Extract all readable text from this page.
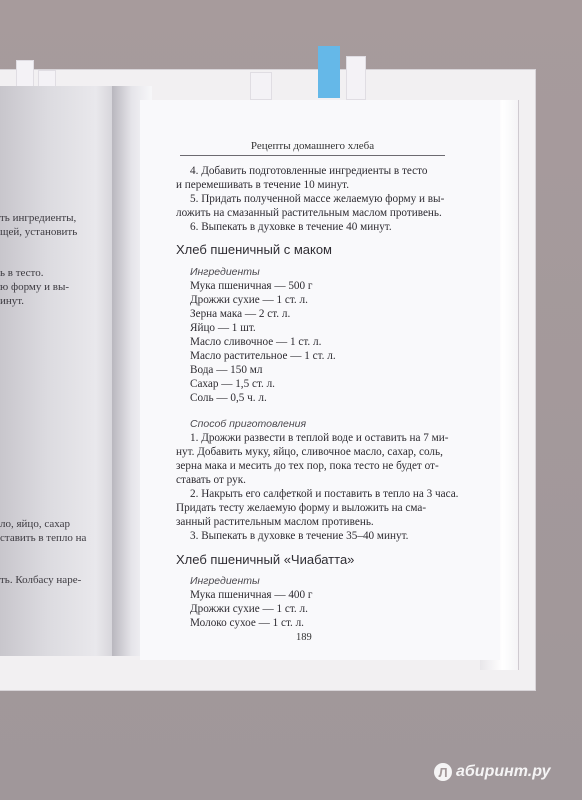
ть ингредиенты,
щей, установить
ь в тесто.
ю форму и вы-
инут.
ло, яйцо, сахар
ставить в тепло на
ть. Колбасу наре-
Рецепты домашнего хлеба
4. Добавить подготовленные ингредиенты в тесто
и перемешивать в течение 10 минут.
5. Придать полученной массе желаемую форму и вы-
ложить на смазанный растительным маслом противень.
6. Выпекать в духовке в течение 40 минут.
Хлеб пшеничный с маком
Ингредиенты
Мука пшеничная — 500 г
Дрожжи сухие — 1 ст. л.
Зерна мака — 2 ст. л.
Яйцо — 1 шт.
Масло сливочное — 1 ст. л.
Масло растительное — 1 ст. л.
Вода — 150 мл
Сахар — 1,5 ст. л.
Соль — 0,5 ч. л.
Способ приготовления
1. Дрожжи развести в теплой воде и оставить на 7 ми-
нут. Добавить муку, яйцо, сливочное масло, сахар, соль,
зерна мака и месить до тех пор, пока тесто не будет от-
ставать от рук.
2. Накрыть его салфеткой и поставить в тепло на 3 часа.
Придать тесту желаемую форму и выложить на сма-
занный растительным маслом противень.
3. Выпекать в духовке в течение 35–40 минут.
Хлеб пшеничный «Чиабатта»
Ингредиенты
Мука пшеничная — 400 г
Дрожжи сухие — 1 ст. л.
Молоко сухое — 1 ст. л.
189
Л абиринт.ру
